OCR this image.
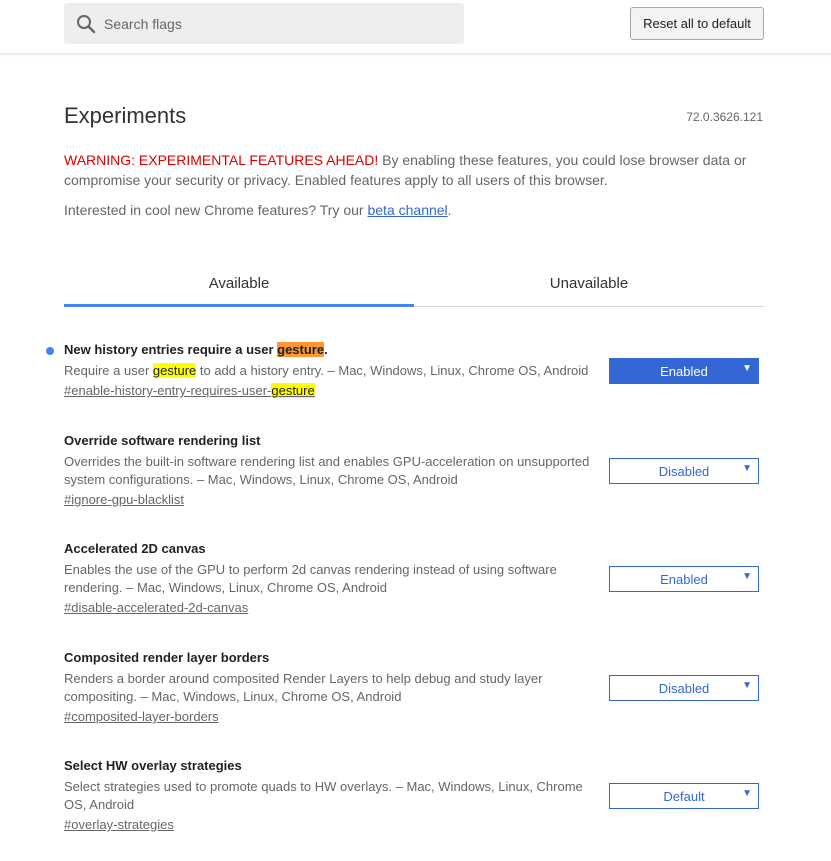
Search flags
Reset all to default
Experiments	72.0.3626.121
WARNING: EXPERIMENTAL FEATURES AHEAD! By enabling these features, you could lose browser data or compromise your security or privacy. Enabled features apply to all users of this browser.
Interested in cool new Chrome features? Try our beta channel.
Available	Unavailable
New history entries require a user gesture.
Require a user gesture to add a history entry. – Mac, Windows, Linux, Chrome OS, Android
#enable-history-entry-requires-user-gesture
Enabled	▼
Override software rendering list
Overrides the built-in software rendering list and enables GPU-acceleration on unsupported system configurations. – Mac, Windows, Linux, Chrome OS, Android
#ignore-gpu-blacklist
Disabled	▼
Accelerated 2D canvas
Enables the use of the GPU to perform 2d canvas rendering instead of using software rendering. – Mac, Windows, Linux, Chrome OS, Android
#disable-accelerated-2d-canvas
Enabled	▼
Composited render layer borders
Renders a border around composited Render Layers to help debug and study layer compositing. – Mac, Windows, Linux, Chrome OS, Android
#composited-layer-borders
Disabled	▼
Select HW overlay strategies
Select strategies used to promote quads to HW overlays. – Mac, Windows, Linux, Chrome OS, Android
#overlay-strategies
Default	▼
